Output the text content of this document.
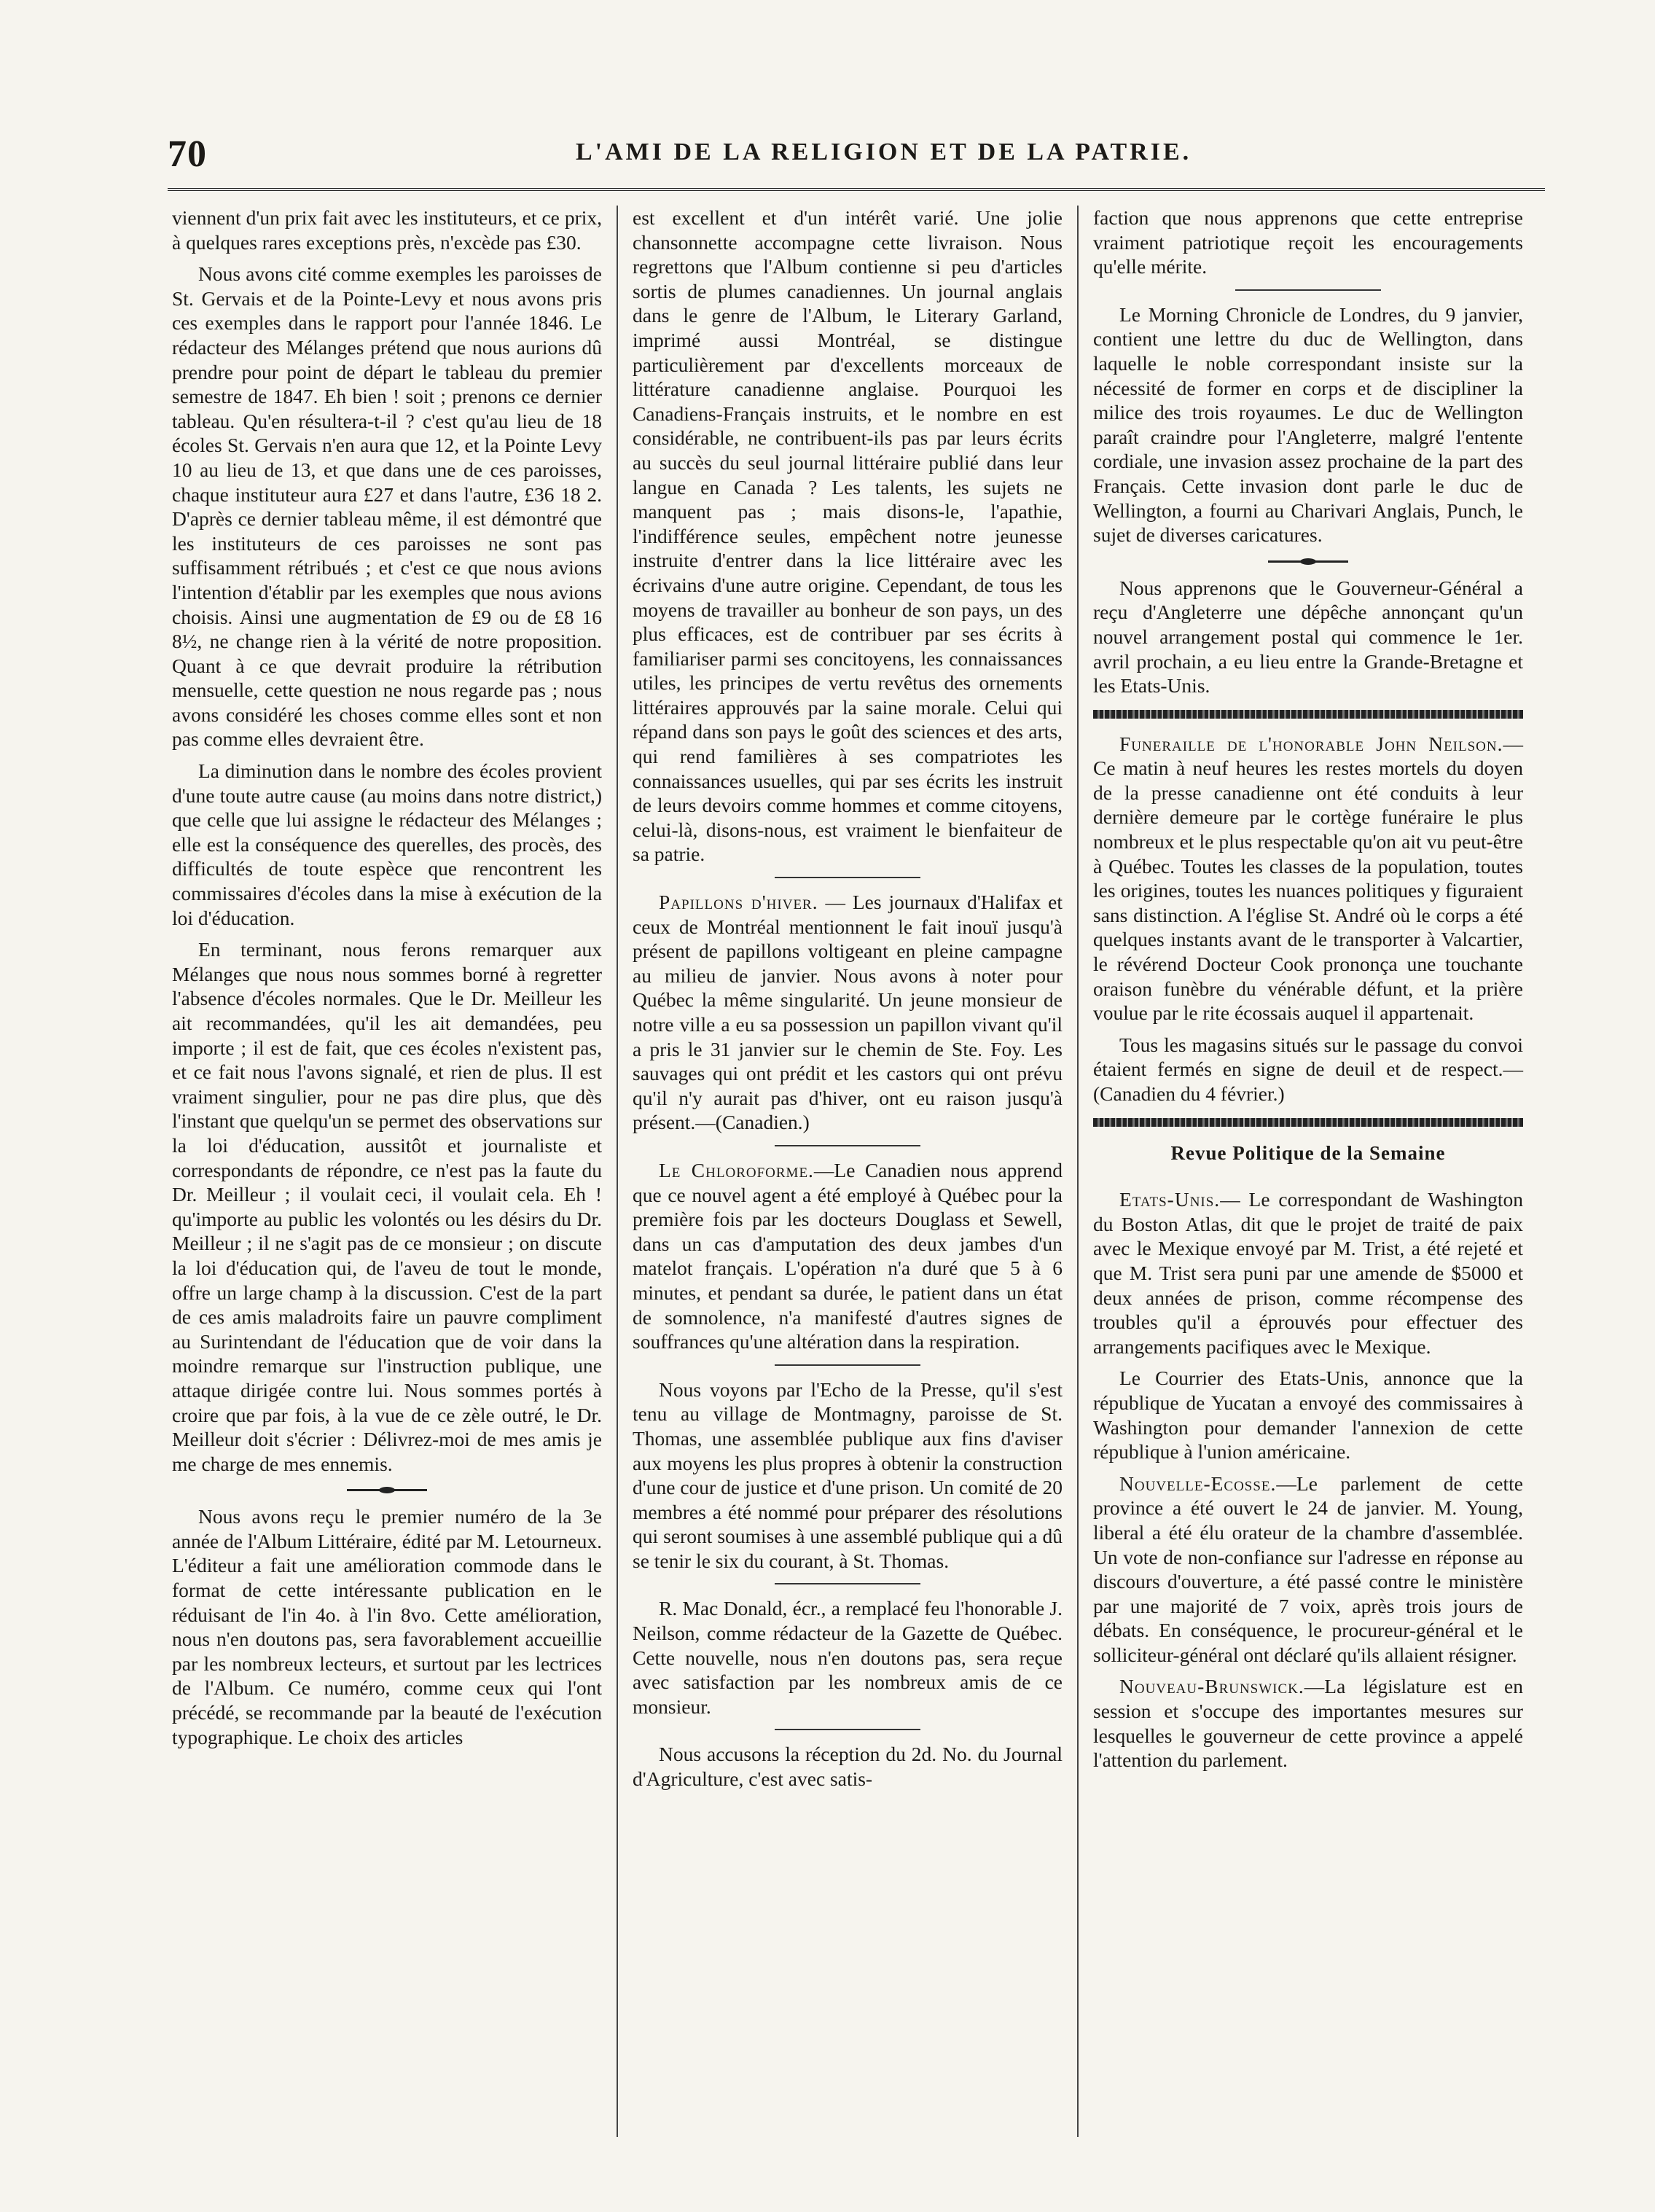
70	L'AMI DE LA RELIGION ET DE LA PATRIE.

viennent d'un prix fait avec les instituteurs, et ce prix, à quelques rares exceptions près, n'excède pas £30.

Nous avons cité comme exemples les paroisses de St. Gervais et de la Pointe-Levy et nous avons pris ces exemples dans le rapport pour l'année 1846. Le rédacteur des Mélanges prétend que nous aurions dû prendre pour point de départ le tableau du premier semestre de 1847. Eh bien ! soit ; prenons ce dernier tableau. Qu'en résultera-t-il ? c'est qu'au lieu de 18 écoles St. Gervais n'en aura que 12, et la Pointe Levy 10 au lieu de 13, et que dans une de ces paroisses, chaque instituteur aura £27 et dans l'autre, £36 18 2. D'après ce dernier tableau même, il est démontré que les instituteurs de ces paroisses ne sont pas suffisamment rétribués ; et c'est ce que nous avions l'intention d'établir par les exemples que nous avions choisis. Ainsi une augmentation de £9 ou de £8 16 8½, ne change rien à la vérité de notre proposition. Quant à ce que devrait produire la rétribution mensuelle, cette question ne nous regarde pas ; nous avons considéré les choses comme elles sont et non pas comme elles devraient être.

La diminution dans le nombre des écoles provient d'une toute autre cause (au moins dans notre district,) que celle que lui assigne le rédacteur des Mélanges ; elle est la conséquence des querelles, des procès, des difficultés de toute espèce que rencontrent les commissaires d'écoles dans la mise à exécution de la loi d'éducation.

En terminant, nous ferons remarquer aux Mélanges que nous nous sommes borné à regretter l'absence d'écoles normales. Que le Dr. Meilleur les ait recommandées, qu'il les ait demandées, peu importe ; il est de fait, que ces écoles n'existent pas, et ce fait nous l'avons signalé, et rien de plus. Il est vraiment singulier, pour ne pas dire plus, que dès l'instant que quelqu'un se permet des observations sur la loi d'éducation, aussitôt et journaliste et correspondants de répondre, ce n'est pas la faute du Dr. Meilleur ; il voulait ceci, il voulait cela. Eh ! qu'importe au public les volontés ou les désirs du Dr. Meilleur ; il ne s'agit pas de ce monsieur ; on discute la loi d'éducation qui, de l'aveu de tout le monde, offre un large champ à la discussion. C'est de la part de ces amis maladroits faire un pauvre compliment au Surintendant de l'éducation que de voir dans la moindre remarque sur l'instruction publique, une attaque dirigée contre lui. Nous sommes portés à croire que par fois, à la vue de ce zèle outré, le Dr. Meilleur doit s'écrier : Délivrez-moi de mes amis je me charge de mes ennemis.

Nous avons reçu le premier numéro de la 3e année de l'Album Littéraire, édité par M. Letourneux. L'éditeur a fait une amélioration commode dans le format de cette intéressante publication en le réduisant de l'in 4o. à l'in 8vo. Cette amélioration, nous n'en doutons pas, sera favorablement accueillie par les nombreux lecteurs, et surtout par les lectrices de l'Album. Ce numéro, comme ceux qui l'ont précédé, se recommande par la beauté de l'exécution typographique. Le choix des articles

est excellent et d'un intérêt varié. Une jolie chansonnette accompagne cette livraison. Nous regrettons que l'Album contienne si peu d'articles sortis de plumes canadiennes. Un journal anglais dans le genre de l'Album, le Literary Garland, imprimé aussi Montréal, se distingue particulièrement par d'excellents morceaux de littérature canadienne anglaise. Pourquoi les Canadiens-Français instruits, et le nombre en est considérable, ne contribuent-ils pas par leurs écrits au succès du seul journal littéraire publié dans leur langue en Canada ? Les talents, les sujets ne manquent pas ; mais disons-le, l'apathie, l'indifférence seules, empêchent notre jeunesse instruite d'entrer dans la lice littéraire avec les écrivains d'une autre origine. Cependant, de tous les moyens de travailler au bonheur de son pays, un des plus efficaces, est de contribuer par ses écrits à familiariser parmi ses concitoyens, les connaissances utiles, les principes de vertu revêtus des ornements littéraires approuvés par la saine morale. Celui qui répand dans son pays le goût des sciences et des arts, qui rend familières à ses compatriotes les connaissances usuelles, qui par ses écrits les instruit de leurs devoirs comme hommes et comme citoyens, celui-là, disons-nous, est vraiment le bienfaiteur de sa patrie.

Papillons d'hiver. — Les journaux d'Halifax et ceux de Montréal mentionnent le fait inouï jusqu'à présent de papillons voltigeant en pleine campagne au milieu de janvier. Nous avons à noter pour Québec la même singularité. Un jeune monsieur de notre ville a eu sa possession un papillon vivant qu'il a pris le 31 janvier sur le chemin de Ste. Foy. Les sauvages qui ont prédit et les castors qui ont prévu qu'il n'y aurait pas d'hiver, ont eu raison jusqu'à présent.—(Canadien.)

Le Chloroforme.—Le Canadien nous apprend que ce nouvel agent a été employé à Québec pour la première fois par les docteurs Douglass et Sewell, dans un cas d'amputation des deux jambes d'un matelot français. L'opération n'a duré que 5 à 6 minutes, et pendant sa durée, le patient dans un état de somnolence, n'a manifesté d'autres signes de souffrances qu'une altération dans la respiration.

Nous voyons par l'Echo de la Presse, qu'il s'est tenu au village de Montmagny, paroisse de St. Thomas, une assemblée publique aux fins d'aviser aux moyens les plus propres à obtenir la construction d'une cour de justice et d'une prison. Un comité de 20 membres a été nommé pour préparer des résolutions qui seront soumises à une assemblé publique qui a dû se tenir le six du courant, à St. Thomas.

R. Mac Donald, écr., a remplacé feu l'honorable J. Neilson, comme rédacteur de la Gazette de Québec. Cette nouvelle, nous n'en doutons pas, sera reçue avec satisfaction par les nombreux amis de ce monsieur.

Nous accusons la réception du 2d. No. du Journal d'Agriculture, c'est avec satis-

faction que nous apprenons que cette entreprise vraiment patriotique reçoit les encouragements qu'elle mérite.

Le Morning Chronicle de Londres, du 9 janvier, contient une lettre du duc de Wellington, dans laquelle le noble correspondant insiste sur la nécessité de former en corps et de discipliner la milice des trois royaumes. Le duc de Wellington paraît craindre pour l'Angleterre, malgré l'entente cordiale, une invasion assez prochaine de la part des Français. Cette invasion dont parle le duc de Wellington, a fourni au Charivari Anglais, Punch, le sujet de diverses caricatures.

Nous apprenons que le Gouverneur-Général a reçu d'Angleterre une dépêche annonçant qu'un nouvel arrangement postal qui commence le 1er. avril prochain, a eu lieu entre la Grande-Bretagne et les Etats-Unis.

Funeraille de l'honorable John Neilson.— Ce matin à neuf heures les restes mortels du doyen de la presse canadienne ont été conduits à leur dernière demeure par le cortège funéraire le plus nombreux et le plus respectable qu'on ait vu peut-être à Québec. Toutes les classes de la population, toutes les origines, toutes les nuances politiques y figuraient sans distinction. A l'église St. André où le corps a été quelques instants avant de le transporter à Valcartier, le révérend Docteur Cook prononça une touchante oraison funèbre du vénérable défunt, et la prière voulue par le rite écossais auquel il appartenait.

Tous les magasins situés sur le passage du convoi étaient fermés en signe de deuil et de respect.—(Canadien du 4 février.)

Revue Politique de la Semaine

Etats-Unis.— Le correspondant de Washington du Boston Atlas, dit que le projet de traité de paix avec le Mexique envoyé par M. Trist, a été rejeté et que M. Trist sera puni par une amende de $5000 et deux années de prison, comme récompense des troubles qu'il a éprouvés pour effectuer des arrangements pacifiques avec le Mexique.

Le Courrier des Etats-Unis, annonce que la république de Yucatan a envoyé des commissaires à Washington pour demander l'annexion de cette république à l'union américaine.

Nouvelle-Ecosse.—Le parlement de cette province a été ouvert le 24 de janvier. M. Young, liberal a été élu orateur de la chambre d'assemblée. Un vote de non-confiance sur l'adresse en réponse au discours d'ouverture, a été passé contre le ministère par une majorité de 7 voix, après trois jours de débats. En conséquence, le procureur-général et le solliciteur-général ont déclaré qu'ils allaient résigner.

Nouveau-Brunswick.—La législature est en session et s'occupe des importantes mesures sur lesquelles le gouverneur de cette province a appelé l'attention du parlement.
